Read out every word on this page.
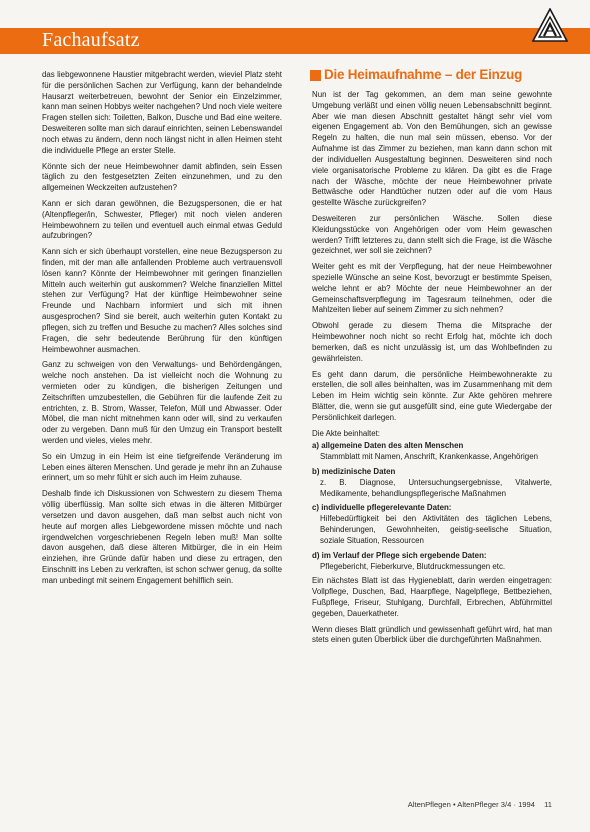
Fachaufsatz

das liebgewonnene Haustier mitgebracht werden, wieviel Platz steht für die persönlichen Sachen zur Verfügung, kann der behandelnde Hausarzt weiterbetreuen, bewohnt der Senior ein Einzelzimmer, kann man seinen Hobbys weiter nachgehen? Und noch viele weitere Fragen stellen sich: Toiletten, Balkon, Dusche und Bad eine weitere. Desweiteren sollte man sich darauf einrichten, seinen Lebenswandel noch etwas zu ändern, denn noch längst nicht in allen Heimen steht die individuelle Pflege an erster Stelle.

Könnte sich der neue Heimbewohner damit abfinden, sein Essen täglich zu den festgesetzten Zeiten einzunehmen, und zu den allgemeinen Weckzeiten aufzustehen?

Kann er sich daran gewöhnen, die Bezugspersonen, die er hat (Altenpfleger/in, Schwester, Pfleger) mit noch vielen anderen Heimbewohnern zu teilen und eventuell auch einmal etwas Geduld aufzubringen?

Kann sich er sich überhaupt vorstellen, eine neue Bezugsperson zu finden, mit der man alle anfallenden Probleme auch vertrauensvoll lösen kann? Könnte der Heimbewohner mit geringen finanziellen Mitteln auch weiterhin gut auskommen? Welche finanziellen Mittel stehen zur Verfügung? Hat der künftige Heimbewohner seine Freunde und Nachbarn informiert und sich mit ihnen ausgesprochen? Sind sie bereit, auch weiterhin guten Kontakt zu pflegen, sich zu treffen und Besuche zu machen? Alles solches sind Fragen, die sehr bedeutende Berührung für den künftigen Heimbewohner ausmachen.

Ganz zu schweigen von den Verwaltungs- und Behördengängen, welche noch anstehen. Da ist vielleicht noch die Wohnung zu vermieten oder zu kündigen, die bisherigen Zeitungen und Zeitschriften umzubestellen, die Gebühren für die laufende Zeit zu entrichten, z. B. Strom, Wasser, Telefon, Müll und Abwasser. Oder Möbel, die man nicht mitnehmen kann oder will, sind zu verkaufen oder zu vergeben. Dann muß für den Umzug ein Transport bestellt werden und vieles, vieles mehr.

So ein Umzug in ein Heim ist eine tiefgreifende Veränderung im Leben eines älteren Menschen. Und gerade je mehr ihn an Zuhause erinnert, um so mehr fühlt er sich auch im Heim zuhause.

Deshalb finde ich Diskussionen von Schwestern zu diesem Thema völlig überflüssig. Man sollte sich etwas in die älteren Mitbürger versetzen und davon ausgehen, daß man selbst auch nicht von heute auf morgen alles Liebgewordene missen möchte und nach irgendwelchen vorgeschriebenen Regeln leben muß! Man sollte davon ausgehen, daß diese älteren Mitbürger, die in ein Heim einziehen, ihre Gründe dafür haben und diese zu ertragen, den Einschnitt ins Leben zu verkraften, ist schon schwer genug, da sollte man unbedingt mit seinem Engagement behilflich sein.

Die Heimaufnahme – der Einzug

Nun ist der Tag gekommen, an dem man seine gewohnte Umgebung verläßt und einen völlig neuen Lebensabschnitt beginnt. Aber wie man diesen Abschnitt gestaltet hängt sehr viel vom eigenen Engagement ab. Von den Bemühungen, sich an gewisse Regeln zu halten, die nun mal sein müssen, ebenso. Vor der Aufnahme ist das Zimmer zu beziehen, man kann dann schon mit der individuellen Ausgestaltung beginnen. Desweiteren sind noch viele organisatorische Probleme zu klären. Da gibt es die Frage nach der Wäsche, möchte der neue Heimbewohner private Bettwäsche oder Handtücher nutzen oder auf die vom Haus gestellte Wäsche zurückgreifen?

Desweiteren zur persönlichen Wäsche. Sollen diese Kleidungsstücke von Angehörigen oder vom Heim gewaschen werden? Trifft letzteres zu, dann stellt sich die Frage, ist die Wäsche gezeichnet, wer soll sie zeichnen?

Weiter geht es mit der Verpflegung, hat der neue Heimbewohner spezielle Wünsche an seine Kost, bevorzugt er bestimmte Speisen, welche lehnt er ab? Möchte der neue Heimbewohner an der Gemeinschaftsverpflegung im Tagesraum teilnehmen, oder die Mahlzeiten lieber auf seinem Zimmer zu sich nehmen?

Obwohl gerade zu diesem Thema die Mitsprache der Heimbewohner noch nicht so recht Erfolg hat, möchte ich doch bemerken, daß es nicht unzulässig ist, um das Wohlbefinden zu gewährleisten.

Es geht dann darum, die persönliche Heimbewohnerakte zu erstellen, die soll alles beinhalten, was im Zusammenhang mit dem Leben im Heim wichtig sein könnte. Zur Akte gehören mehrere Blätter, die, wenn sie gut ausgefüllt sind, eine gute Wiedergabe der Persönlichkeit darlegen.

Die Akte beinhaltet:

a) allgemeine Daten des alten Menschen
Stammblatt mit Namen, Anschrift, Krankenkasse, Angehörigen
b) medizinische Daten
z. B. Diagnose, Untersuchungsergebnisse, Vitalwerte, Medikamente, behandlungspflegerische Maßnahmen
c) individuelle pflegerelevante Daten:
Hilfebedürftigkeit bei den Aktivitäten des täglichen Lebens, Behinderungen, Gewohnheiten, geistig-seelische Situation, soziale Situation, Ressourcen
d) im Verlauf der Pflege sich ergebende Daten:
Pflegebericht, Fieberkurve, Blutdruckmessungen etc.

Ein nächstes Blatt ist das Hygieneblatt, darin werden eingetragen: Vollpflege, Duschen, Bad, Haarpflege, Nagelpflege, Bettbeziehen, Fußpflege, Friseur, Stuhlgang, Durchfall, Erbrechen, Abführmittel gegeben, Dauerkatheter.

Wenn dieses Blatt gründlich und gewissenhaft geführt wird, hat man stets einen guten Überblick über die durchgeführten Maßnahmen.

AltenPflegen • AltenPfleger 3/4 · 1994 11
